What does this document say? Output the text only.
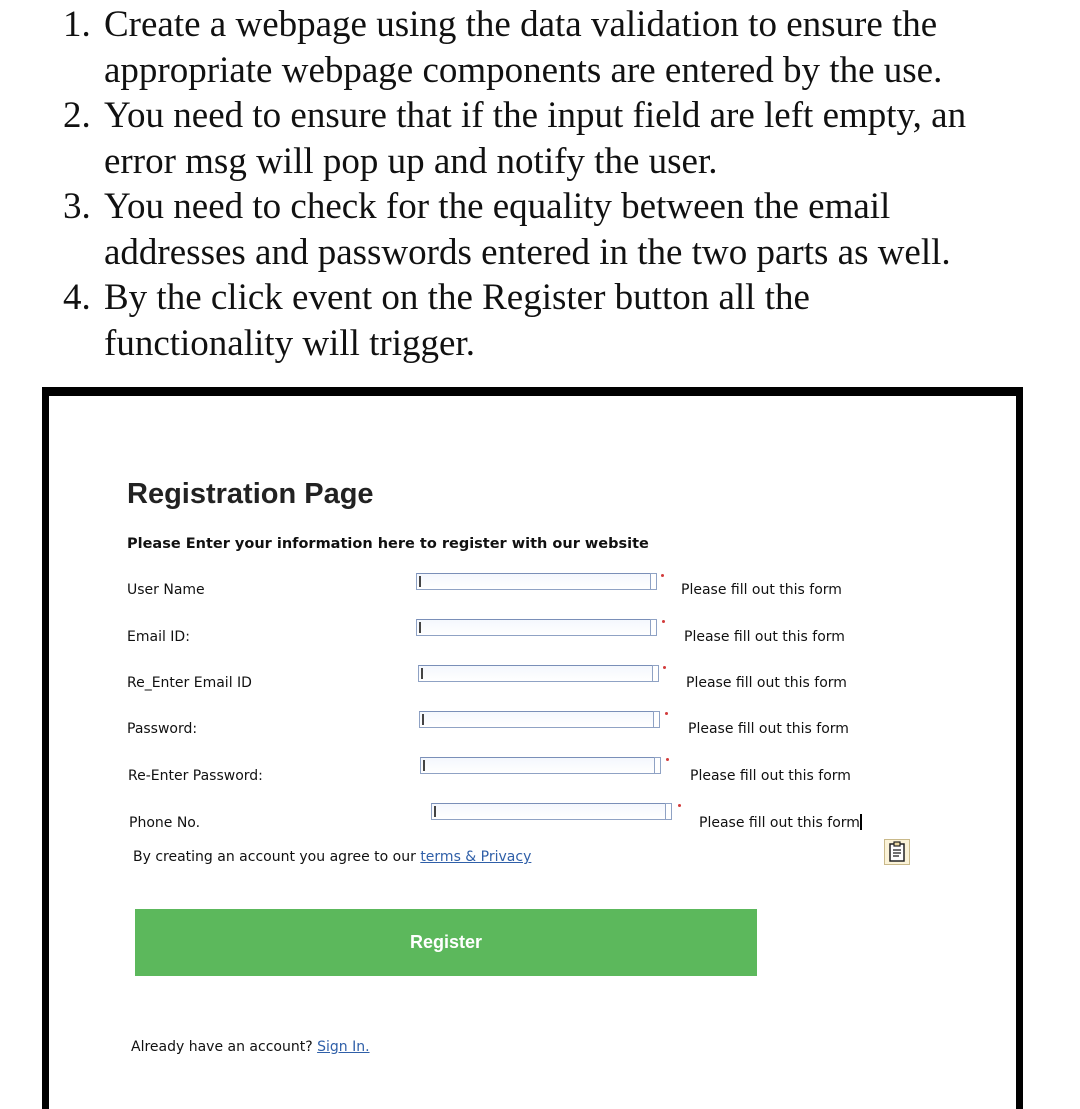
1. Create a webpage using the data validation to ensure the
appropriate webpage components are entered by the use.
2. You need to ensure that if the input field are left empty, an
error msg will pop up and notify the user.
3. You need to check for the equality between the email
addresses and passwords entered in the two parts as well.
4. By the click event on the Register button all the
functionality will trigger.
Registration Page
Please Enter your information here to register with our website
User Name	Please fill out this form
Email ID:	Please fill out this form
Re_Enter Email ID	Please fill out this form
Password:	Please fill out this form
Re-Enter Password:	Please fill out this form
Phone No.	Please fill out this form
By creating an account you agree to our terms & Privacy
Register
Already have an account? Sign In.
